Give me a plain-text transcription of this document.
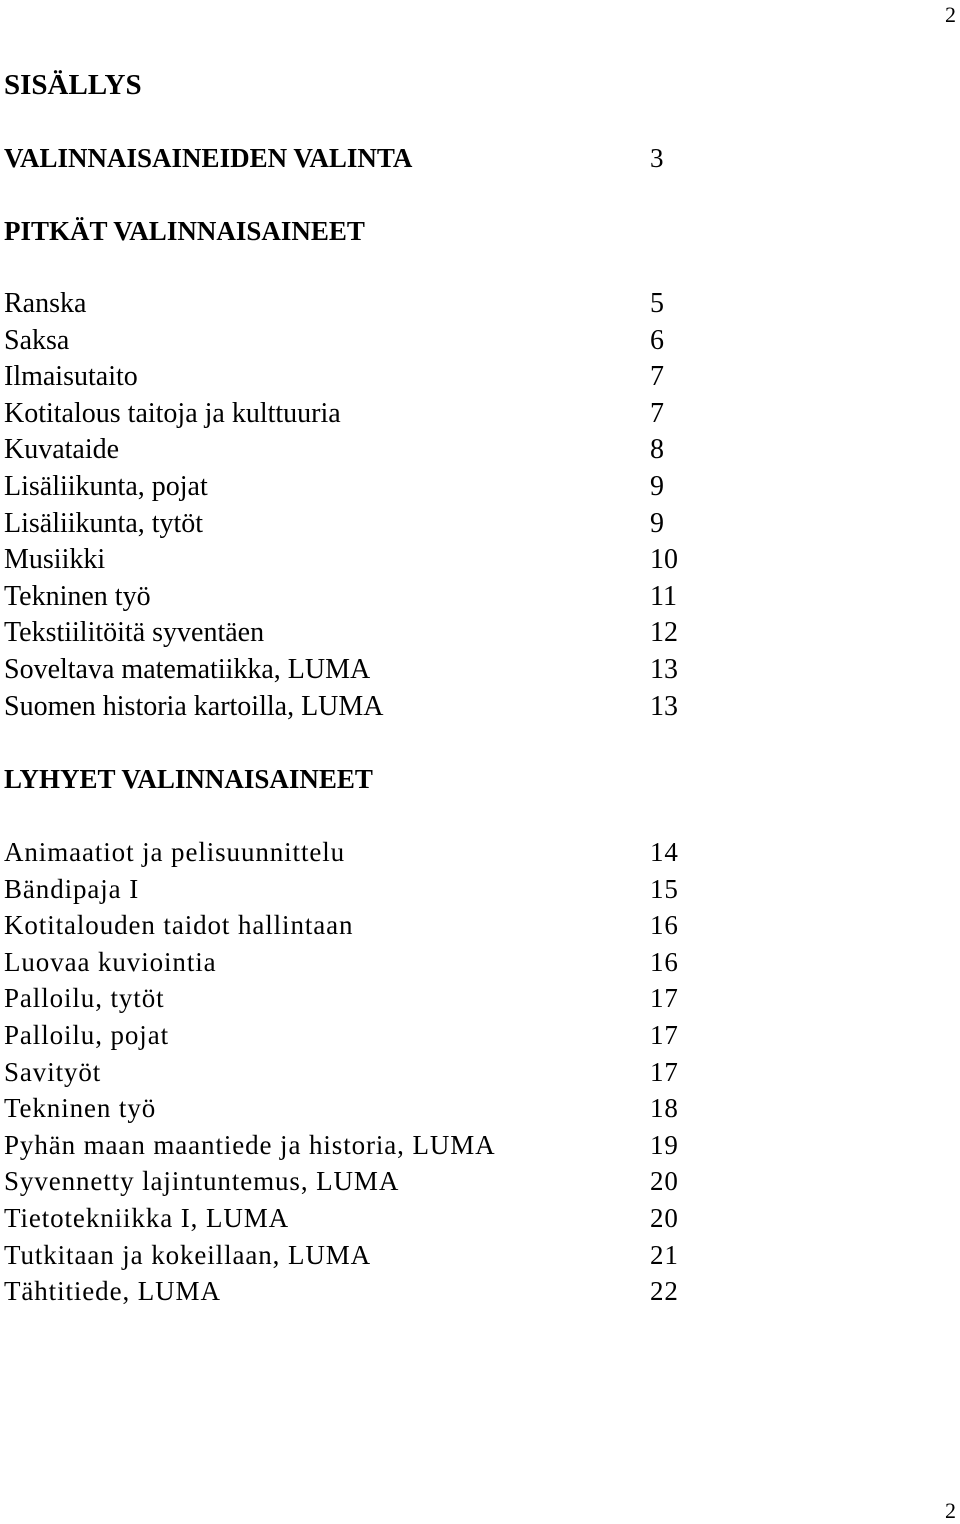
2
SISÄLLYS
VALINNAISAINEIDEN VALINTA	3
PITKÄT VALINNAISAINEET
Ranska	5
Saksa	6
Ilmaisutaito	7
Kotitalous taitoja ja kulttuuria	7
Kuvataide	8
Lisäliikunta, pojat	9
Lisäliikunta, tytöt	9
Musiikki	10
Tekninen työ	11
Tekstiilitöitä syventäen	12
Soveltava matematiikka, LUMA	13
Suomen historia kartoilla, LUMA	13
LYHYET VALINNAISAINEET
Animaatiot ja pelisuunnittelu	14
Bändipaja I	15
Kotitalouden taidot hallintaan	16
Luovaa kuviointia	16
Palloilu, tytöt	17
Palloilu, pojat	17
Savityöt	17
Tekninen työ	18
Pyhän maan maantiede ja historia, LUMA	19
Syvennetty lajintuntemus, LUMA	20
Tietotekniikka I, LUMA	20
Tutkitaan ja kokeillaan, LUMA	21
Tähtitiede, LUMA	22
2
